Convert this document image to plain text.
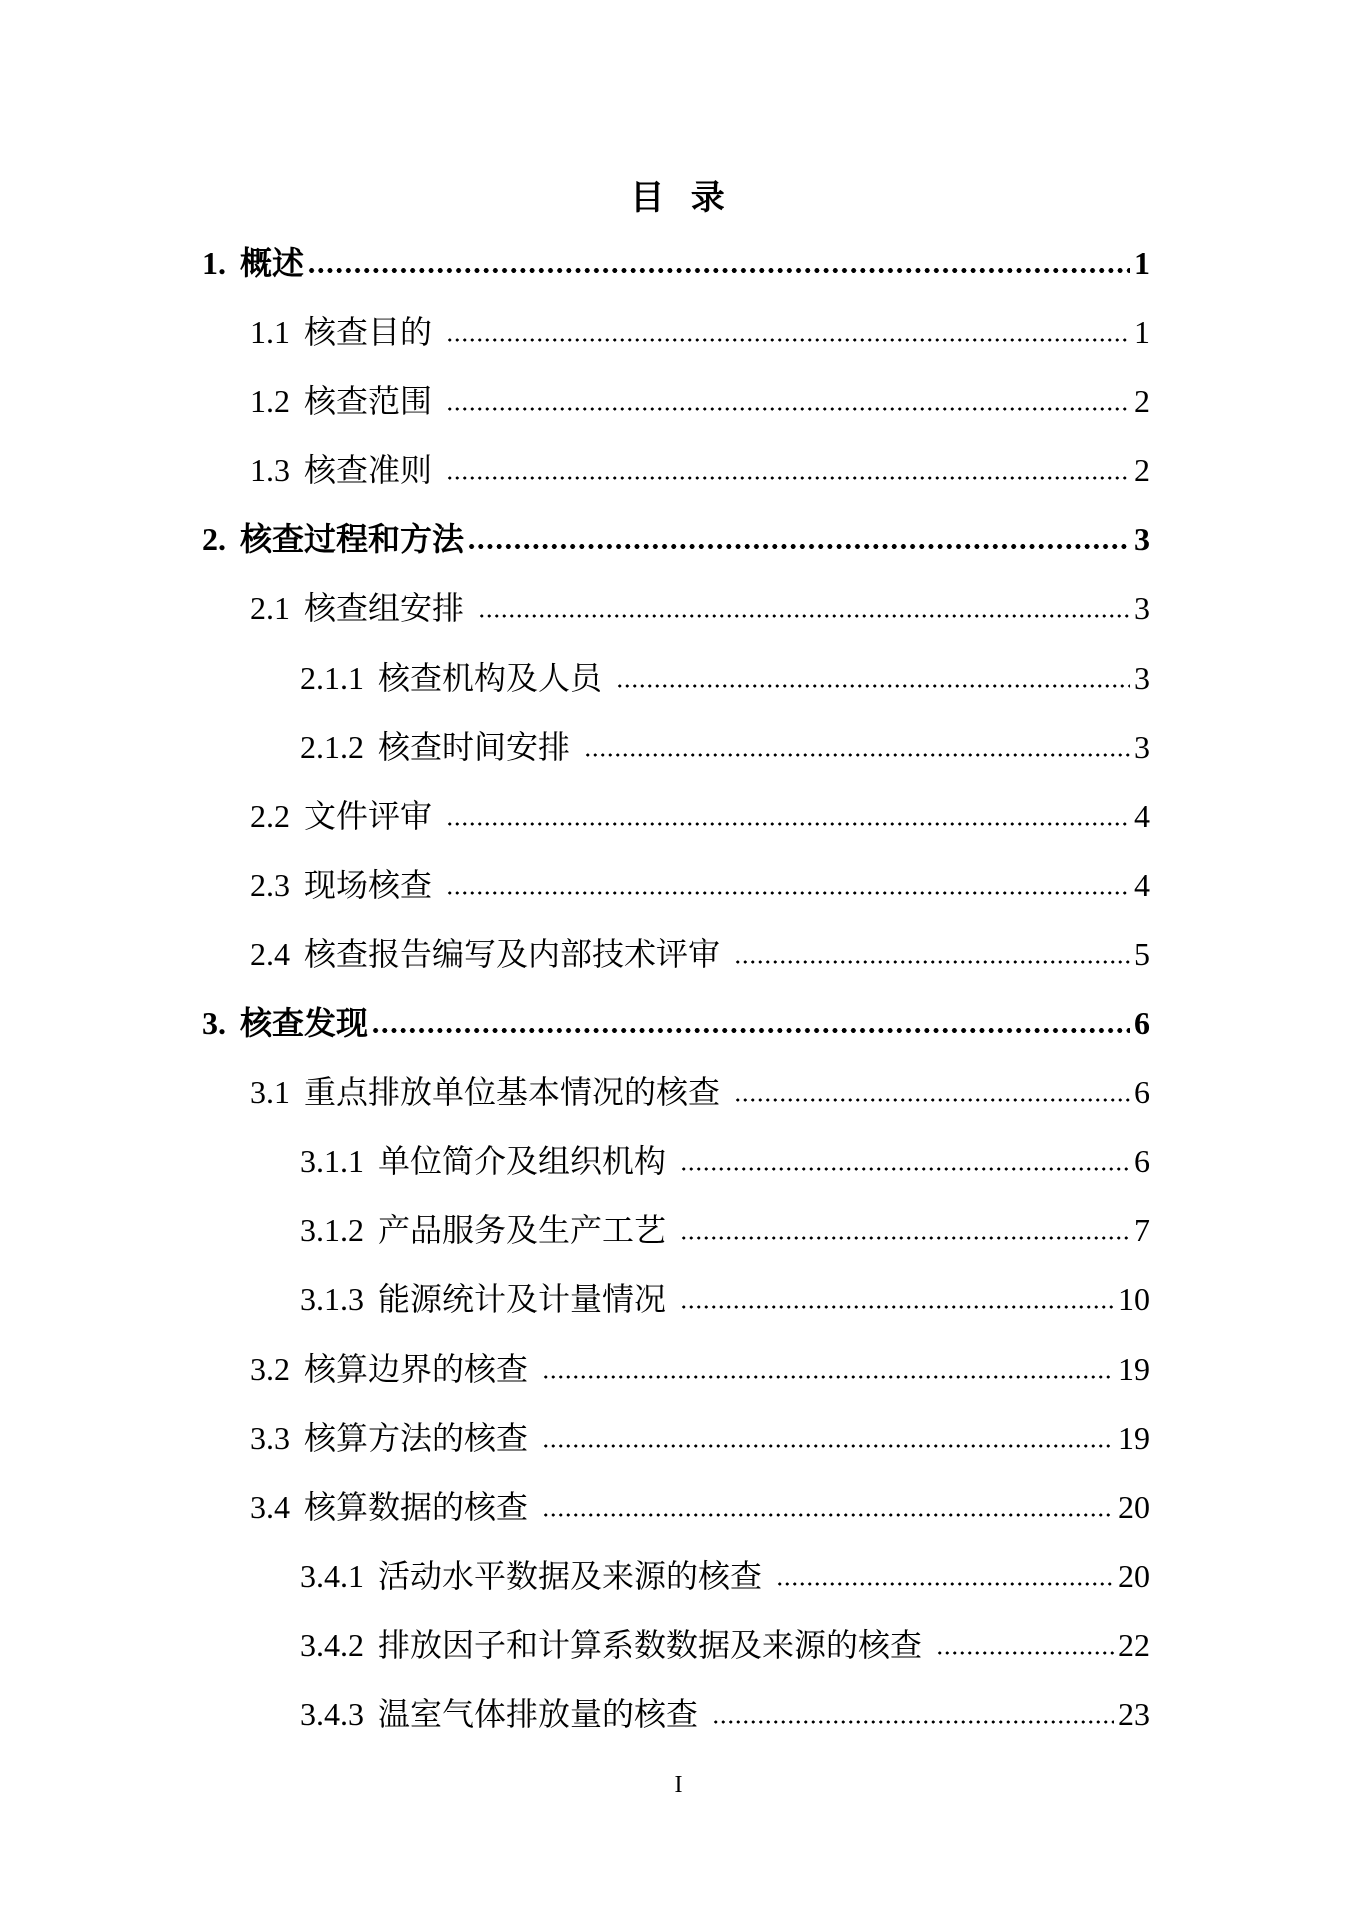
目 录
1. 概述	1
1.1 核查目的	1
1.2 核查范围	2
1.3 核查准则	2
2. 核查过程和方法	3
2.1 核查组安排	3
2.1.1 核查机构及人员	3
2.1.2 核查时间安排	3
2.2 文件评审	4
2.3 现场核查	4
2.4 核查报告编写及内部技术评审	5
3. 核查发现	6
3.1 重点排放单位基本情况的核查	6
3.1.1 单位简介及组织机构	6
3.1.2 产品服务及生产工艺	7
3.1.3 能源统计及计量情况	10
3.2 核算边界的核查	19
3.3 核算方法的核查	19
3.4 核算数据的核查	20
3.4.1 活动水平数据及来源的核查	20
3.4.2 排放因子和计算系数数据及来源的核查	22
3.4.3 温室气体排放量的核查	23
I
